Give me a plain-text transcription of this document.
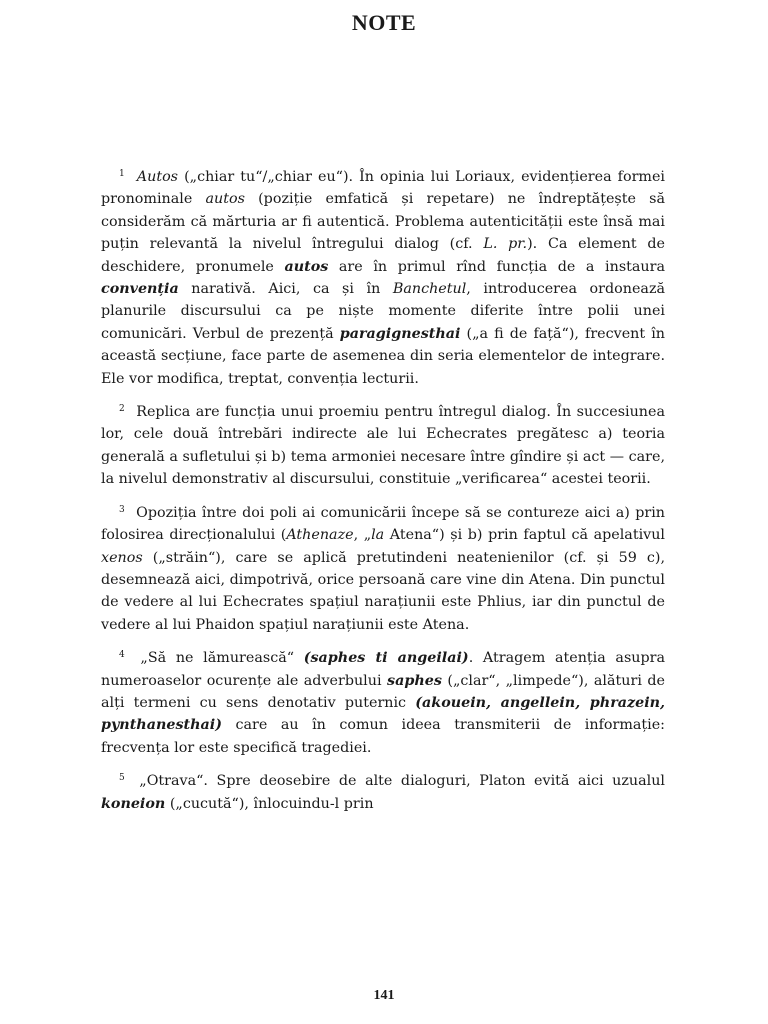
NOTE

$^1$ Autos („chiar tu“/„chiar eu“). În opinia lui Loriaux, evidențierea formei pronominale autos (poziție emfatică și repetare) ne îndreptățește să considerăm că mărturia ar fi autentică. Problema autenticității este însă mai puțin relevantă la nivelul întregului dialog (cf. L. pr.). Ca element de deschidere, pronumele autos are în primul rînd funcția de a instaura convenția narativă. Aici, ca și în Banchetul, introducerea ordonează planurile discursului ca pe niște momente diferite între polii unei comunicări. Verbul de prezență paragignesthai („a fi de față“), frecvent în această secțiune, face parte de asemenea din seria elementelor de integrare. Ele vor modifica, treptat, convenția lecturii.

$^2$ Replica are funcția unui proemiu pentru întregul dialog. În succesiunea lor, cele două întrebări indirecte ale lui Echecrates pregătesc a) teoria generală a sufletului și b) tema armoniei necesare între gîndire și act — care, la nivelul demonstrativ al discursului, constituie „verificarea“ acestei teorii.

$^3$ Opoziția între doi poli ai comunicării începe să se contureze aici a) prin folosirea direcționalului (Athenaze, „la Atena“) și b) prin faptul că apelativul xenos („străin“), care se aplică pretutindeni neatenienilor (cf. și 59 c), desemnează aici, dimpotrivă, orice persoană care vine din Atena. Din punctul de vedere al lui Echecrates spațiul narațiunii este Phlius, iar din punctul de vedere al lui Phaidon spațiul narațiunii este Atena.

$^4$ „Să ne lămurească“ (saphes ti angeilai). Atragem atenția asupra numeroaselor ocurențe ale adverbului saphes („clar“, „limpede“), alături de alți termeni cu sens denotativ puternic (akouein, angellein, phrazein, pynthanesthai) care au în comun ideea transmiterii de informație: frecvența lor este specifică tragediei.

$^5$ „Otrava“. Spre deosebire de alte dialoguri, Platon evită aici uzualul koneion („cucută“), înlocuindu-l prin

141
